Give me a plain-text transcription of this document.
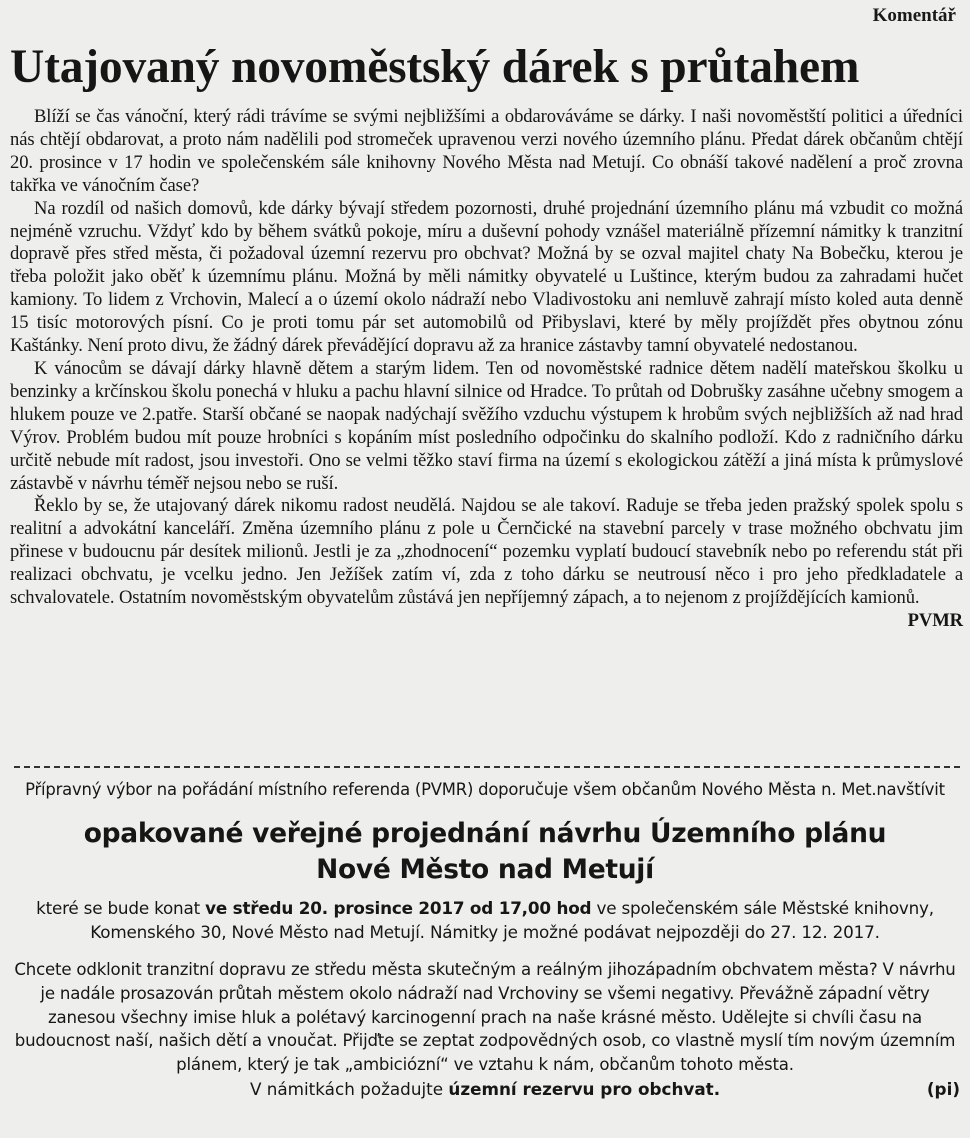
Komentář
Utajovaný novoměstský dárek s průtahem

Blíží se čas vánoční, který rádi trávíme se svými nejbližšími a obdarováváme se dárky. I naši novoměstští politici a úředníci nás chtějí obdarovat, a proto nám nadělili pod stromeček upravenou verzi nového územního plánu. Předat dárek občanům chtějí 20. prosince v 17 hodin ve společenském sále knihovny Nového Města nad Metují. Co obnáší takové nadělení a proč zrovna takřka ve vánočním čase?

Na rozdíl od našich domovů, kde dárky bývají středem pozornosti, druhé projednání územního plánu má vzbudit co možná nejméně vzruchu. Vždyť kdo by během svátků pokoje, míru a duševní pohody vznášel materiálně přízemní námitky k tranzitní dopravě přes střed města, či požadoval územní rezervu pro obchvat? Možná by se ozval majitel chaty Na Bobečku, kterou je třeba položit jako oběť k územnímu plánu. Možná by měli námitky obyvatelé u Luštince, kterým budou za zahradami hučet kamiony. To lidem z Vrchovin, Malecí a o území okolo nádraží nebo Vladivostoku ani nemluvě zahrají místo koled auta denně 15 tisíc motorových písní. Co je proti tomu pár set automobilů od Přibyslavi, které by měly projíždět přes obytnou zónu Kaštánky. Není proto divu, že žádný dárek převádějící dopravu až za hranice zástavby tamní obyvatelé nedostanou.

K vánocům se dávají dárky hlavně dětem a starým lidem. Ten od novoměstské radnice dětem nadělí mateřskou školku u benzinky a krčínskou školu ponechá v hluku a pachu hlavní silnice od Hradce. To průtah od Dobrušky zasáhne učebny smogem a hlukem pouze ve 2.patře. Starší občané se naopak nadýchají svěžího vzduchu výstupem k hrobům svých nejbližších až nad hrad Výrov. Problém budou mít pouze hrobníci s kopáním míst posledního odpočinku do skalního podloží. Kdo z radničního dárku určitě nebude mít radost, jsou investoři. Ono se velmi těžko staví firma na území s ekologickou zátěží a jiná místa k průmyslové zástavbě v návrhu téměř nejsou nebo se ruší.

Řeklo by se, že utajovaný dárek nikomu radost neudělá. Najdou se ale takoví. Raduje se třeba jeden pražský spolek spolu s realitní a advokátní kanceláří. Změna územního plánu z pole u Černčické na stavební parcely v trase možného obchvatu jim přinese v budoucnu pár desítek milionů. Jestli je za „zhodnocení“ pozemku vyplatí budoucí stavebník nebo po referendu stát při realizaci obchvatu, je vcelku jedno. Jen Ježíšek zatím ví, zda z toho dárku se neutrousí něco i pro jeho předkladatele a schvalovatele. Ostatním novoměstským obyvatelům zůstává jen nepříjemný zápach, a to nejenom z projíždějících kamionů.

PVMR
Přípravný výbor na pořádání místního referenda (PVMR) doporučuje všem občanům Nového Města n. Met.navštívit
opakované veřejné projednání návrhu Územního plánu
Nové Město nad Metují
které se bude konat ve středu 20. prosince 2017 od 17,00 hod ve společenském sále Městské knihovny, Komenského 30, Nové Město nad Metují. Námitky je možné podávat nejpozději do 27. 12. 2017.
Chcete odklonit tranzitní dopravu ze středu města skutečným a reálným jihozápadním obchvatem města? V návrhu je nadále prosazován průtah městem okolo nádraží nad Vrchoviny se všemi negativy. Převážně západní větry zanesou všechny imise hluk a polétavý karcinogenní prach na naše krásné město. Udělejte si chvíli času na budoucnost naší, našich dětí a vnoučat. Přijďte se zeptat zodpovědných osob, co vlastně myslí tím novým územním plánem, který je tak „ambiciózní“ ve vztahu k nám, občanům tohoto města.
V námitkách požadujte územní rezervu pro obchvat.	(pi)
